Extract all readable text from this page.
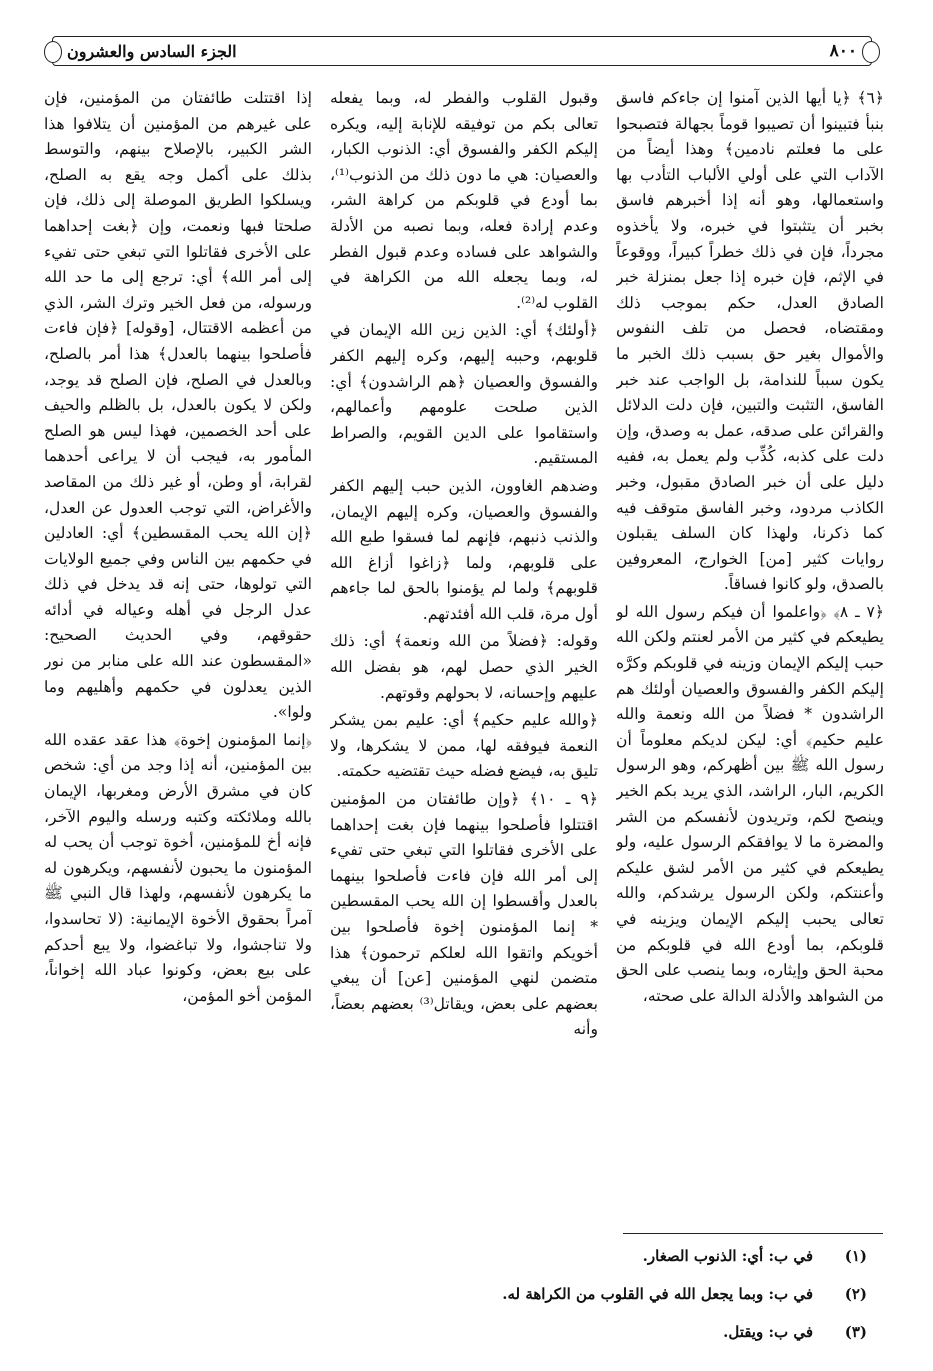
٨٠٠
الجزء السادس والعشرون

﴿٦﴾ ﴿يا أيها الذين آمنوا إن جاءكم فاسق بنبأ فتبينوا أن تصيبوا قوماً بجهالة فتصبحوا على ما فعلتم نادمين﴾ وهذا أيضاً من الآداب التي على أولي الألباب التأدب بها واستعمالها، وهو أنه إذا أخبرهم فاسق بخبر أن يتثبتوا في خبره، ولا يأخذوه مجرداً، فإن في ذلك خطراً كبيراً، ووقوعاً في الإثم، فإن خبره إذا جعل بمنزلة خبر الصادق العدل، حكم بموجب ذلك ومقتضاه، فحصل من تلف النفوس والأموال بغير حق بسبب ذلك الخبر ما يكون سبباً للندامة، بل الواجب عند خبر الفاسق، التثبت والتبين، فإن دلت الدلائل والقرائن على صدقه، عمل به وصدق، وإن دلت على كذبه، كُذِّب ولم يعمل به، ففيه دليل على أن خبر الصادق مقبول، وخبر الكاذب مردود، وخبر الفاسق متوقف فيه كما ذكرنا، ولهذا كان السلف يقبلون روايات كثير [من] الخوارج، المعروفين بالصدق، ولو كانوا فساقاً.

﴿٧ ـ ٨﴾ ﴿واعلموا أن فيكم رسول الله لو يطيعكم في كثير من الأمر لعنتم ولكن الله حبب إليكم الإيمان وزينه في قلوبكم وكرَّه إليكم الكفر والفسوق والعصيان أولئك هم الراشدون * فضلاً من الله ونعمة والله عليم حكيم﴾ أي: ليكن لديكم معلوماً أن رسول الله ﷺ بين أظهركم، وهو الرسول الكريم، البار، الراشد، الذي يريد بكم الخير وينصح لكم، وتريدون لأنفسكم من الشر والمضرة ما لا يوافقكم الرسول عليه، ولو يطيعكم في كثير من الأمر لشق عليكم وأعنتكم، ولكن الرسول يرشدكم، والله تعالى يحبب إليكم الإيمان ويزينه في قلوبكم، بما أودع الله في قلوبكم من محبة الحق وإيثاره، وبما ينصب على الحق من الشواهد والأدلة الدالة على صحته،

وقبول القلوب والفطر له، وبما يفعله تعالى بكم من توفيقه للإنابة إليه، ويكره إليكم الكفر والفسوق أي: الذنوب الكبار، والعصيان: هي ما دون ذلك من الذنوب⁽¹⁾، بما أودع في قلوبكم من كراهة الشر، وعدم إرادة فعله، وبما نصبه من الأدلة والشواهد على فساده وعدم قبول الفطر له، وبما يجعله الله من الكراهة في القلوب له⁽²⁾.

﴿أولئك﴾ أي: الذين زين الله الإيمان في قلوبهم، وحببه إليهم، وكره إليهم الكفر والفسوق والعصيان ﴿هم الراشدون﴾ أي: الذين صلحت علومهم وأعمالهم، واستقاموا على الدين القويم، والصراط المستقيم.

وضدهم الغاوون، الذين حبب إليهم الكفر والفسوق والعصيان، وكره إليهم الإيمان، والذنب ذنبهم، فإنهم لما فسقوا طبع الله على قلوبهم، ولما ﴿زاغوا أزاغ الله قلوبهم﴾ ولما لم يؤمنوا بالحق لما جاءهم أول مرة، قلب الله أفئدتهم.

وقوله: ﴿فضلاً من الله ونعمة﴾ أي: ذلك الخير الذي حصل لهم، هو بفضل الله عليهم وإحسانه، لا بحولهم وقوتهم.

﴿والله عليم حكيم﴾ أي: عليم بمن يشكر النعمة فيوفقه لها، ممن لا يشكرها، ولا تليق به، فيضع فضله حيث تقتضيه حكمته.

﴿٩ ـ ١٠﴾ ﴿وإن طائفتان من المؤمنين اقتتلوا فأصلحوا بينهما فإن بغت إحداهما على الأخرى فقاتلوا التي تبغي حتى تفيء إلى أمر الله فإن فاءت فأصلحوا بينهما بالعدل وأقسطوا إن الله يحب المقسطين * إنما المؤمنون إخوة فأصلحوا بين أخويكم واتقوا الله لعلكم ترحمون﴾ هذا متضمن لنهي المؤمنين [عن] أن يبغي بعضهم على بعض، ويقاتل⁽³⁾ بعضهم بعضاً، وأنه

إذا اقتتلت طائفتان من المؤمنين، فإن على غيرهم من المؤمنين أن يتلافوا هذا الشر الكبير، بالإصلاح بينهم، والتوسط بذلك على أكمل وجه يقع به الصلح، ويسلكوا الطريق الموصلة إلى ذلك، فإن صلحتا فبها ونعمت، وإن ﴿بغت إحداهما على الأخرى فقاتلوا التي تبغي حتى تفيء إلى أمر الله﴾ أي: ترجع إلى ما حد الله ورسوله، من فعل الخير وترك الشر، الذي من أعظمه الاقتتال، [وقوله] ﴿فإن فاءت فأصلحوا بينهما بالعدل﴾ هذا أمر بالصلح، وبالعدل في الصلح، فإن الصلح قد يوجد، ولكن لا يكون بالعدل، بل بالظلم والحيف على أحد الخصمين، فهذا ليس هو الصلح المأمور به، فيجب أن لا يراعى أحدهما لقرابة، أو وطن، أو غير ذلك من المقاصد والأغراض، التي توجب العدول عن العدل، ﴿إن الله يحب المقسطين﴾ أي: العادلين في حكمهم بين الناس وفي جميع الولايات التي تولوها، حتى إنه قد يدخل في ذلك عدل الرجل في أهله وعياله في أدائه حقوقهم، وفي الحديث الصحيح: «المقسطون عند الله على منابر من نور الذين يعدلون في حكمهم وأهليهم وما ولوا».

﴿إنما المؤمنون إخوة﴾ هذا عقد عقده الله بين المؤمنين، أنه إذا وجد من أي: شخص كان في مشرق الأرض ومغربها، الإيمان بالله وملائكته وكتبه ورسله واليوم الآخر، فإنه أخ للمؤمنين، أخوة توجب أن يحب له المؤمنون ما يحبون لأنفسهم، ويكرهون له ما يكرهون لأنفسهم، ولهذا قال النبي ﷺ آمراً بحقوق الأخوة الإيمانية: (لا تحاسدوا، ولا تناجشوا، ولا تباغضوا، ولا يبع أحدكم على بيع بعض، وكونوا عباد الله إخواناً، المؤمن أخو المؤمن،

(١)
في ب: أي: الذنوب الصغار.
(٢)
في ب: وبما يجعل الله في القلوب من الكراهة له.
(٣)
في ب: ويقتل.
